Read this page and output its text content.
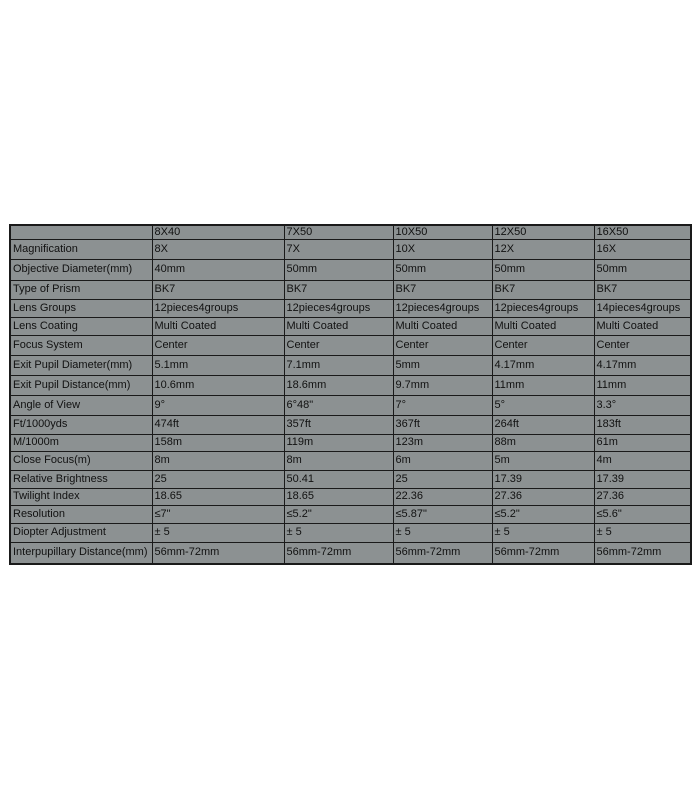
	8X40	7X50	10X50	12X50	16X50
Magnification	8X	7X	10X	12X	16X
Objective Diameter(mm)	40mm	50mm	50mm	50mm	50mm
Type of Prism	BK7	BK7	BK7	BK7	BK7
Lens Groups	12pieces4groups	12pieces4groups	12pieces4groups	12pieces4groups	14pieces4groups
Lens Coating	Multi Coated	Multi Coated	Multi Coated	Multi Coated	Multi Coated
Focus System	Center	Center	Center	Center	Center
Exit Pupil Diameter(mm)	5.1mm	7.1mm	5mm	4.17mm	4.17mm
Exit Pupil Distance(mm)	10.6mm	18.6mm	9.7mm	11mm	11mm
Angle of View	9°	6°48"	7°	5°	3.3°
Ft/1000yds	474ft	357ft	367ft	264ft	183ft
M/1000m	158m	119m	123m	88m	61m
Close Focus(m)	8m	8m	6m	5m	4m
Relative Brightness	25	50.41	25	17.39	17.39
Twilight Index	18.65	18.65	22.36	27.36	27.36
Resolution	≤7"	≤5.2"	≤5.87"	≤5.2"	≤5.6"
Diopter Adjustment	± 5	± 5	± 5	± 5	± 5
Interpupillary Distance(mm)	56mm-72mm	56mm-72mm	56mm-72mm	56mm-72mm	56mm-72mm
